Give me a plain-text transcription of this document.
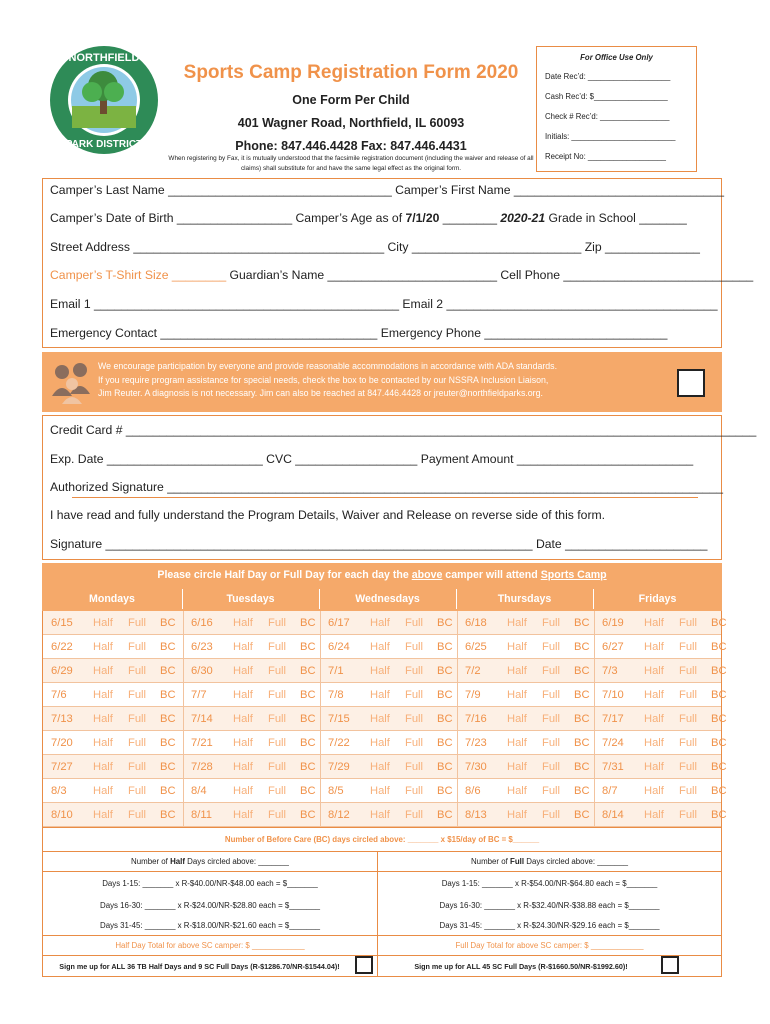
NORTHFIELD
PARK DISTRICT
Sports Camp Registration Form 2020
One Form Per Child
401 Wagner Road, Northfield, IL 60093
Phone: 847.446.4428 Fax: 847.446.4431
When registering by Fax, it is mutually understood that the facsimile registration document (including the waiver and release of all claims) shall substitute for and have the same legal effect as the original form.
For Office Use Only
Date Rec’d: ___________________
Cash Rec’d: $_________________
Check # Rec’d: ________________
Initials: ________________________
Receipt No: __________________
Camper’s Last Name _________________________________ Camper’s First Name _______________________________
Camper’s Date of Birth _________________ Camper’s Age as of 7/1/20 ________ 2020-21 Grade in School _______
Street Address _____________________________________ City _________________________ Zip ______________
Camper’s T-Shirt Size ________ Guardian’s Name _________________________ Cell Phone ____________________________
Email 1 _____________________________________________ Email 2 ________________________________________
Emergency Contact ________________________________ Emergency Phone ___________________________
We encourage participation by everyone and provide reasonable accommodations in accordance with ADA standards.
If you require program assistance for special needs, check the box to be contacted by our NSSRA Inclusion Liaison,
Jim Reuter. A diagnosis is not necessary. Jim can also be reached at 847.446.4428 or jreuter@northfieldparks.org.
Credit Card # _____________________________________________________________________________________________
Exp. Date _______________________ CVC __________________ Payment Amount __________________________
Authorized Signature __________________________________________________________________________________
I have read and fully understand the Program Details, Waiver and Release on reverse side of this form.
Signature _______________________________________________________________ Date _____________________
Please circle Half Day or Full Day for each day the above camper will attend Sports Camp
Mondays	Tuesdays	Wednesdays	Thursdays	Fridays
6/15 Half Full BC 6/16 Half Full BC 6/17 Half Full BC 6/18 Half Full BC 6/19 Half Full BC
6/22 Half Full BC 6/23 Half Full BC 6/24 Half Full BC 6/25 Half Full BC 6/27 Half Full BC
6/29 Half Full BC 6/30 Half Full BC 7/1 Half Full BC 7/2 Half Full BC 7/3 Half Full BC
7/6 Half Full BC 7/7 Half Full BC 7/8 Half Full BC 7/9 Half Full BC 7/10 Half Full BC
7/13 Half Full BC 7/14 Half Full BC 7/15 Half Full BC 7/16 Half Full BC 7/17 Half Full BC
7/20 Half Full BC 7/21 Half Full BC 7/22 Half Full BC 7/23 Half Full BC 7/24 Half Full BC
7/27 Half Full BC 7/28 Half Full BC 7/29 Half Full BC 7/30 Half Full BC 7/31 Half Full BC
8/3 Half Full BC 8/4 Half Full BC 8/5 Half Full BC 8/6 Half Full BC 8/7 Half Full BC
8/10 Half Full BC 8/11 Half Full BC 8/12 Half Full BC 8/13 Half Full BC 8/14 Half Full BC
Number of Before Care (BC) days circled above: _______ x $15/day of BC = $______
Number of Half Days circled above: _______	Number of Full Days circled above: _______
Days 1-15: _______ x R-$40.00/NR-$48.00 each = $_______	Days 1-15: _______ x R-$54.00/NR-$64.80 each = $_______
Days 16-30: _______ x R-$24.00/NR-$28.80 each = $_______	Days 16-30: _______ x R-$32.40/NR-$38.88 each = $_______
Days 31-45: _______ x R-$18.00/NR-$21.60 each = $_______	Days 31-45: _______ x R-$24.30/NR-$29.16 each = $_______
Half Day Total for above SC camper: $ ____________	Full Day Total for above SC camper: $ ____________
Sign me up for ALL 36 TB Half Days and 9 SC Full Days (R-$1286.70/NR-$1544.04)!	Sign me up for ALL 45 SC Full Days (R-$1660.50/NR-$1992.60)!
